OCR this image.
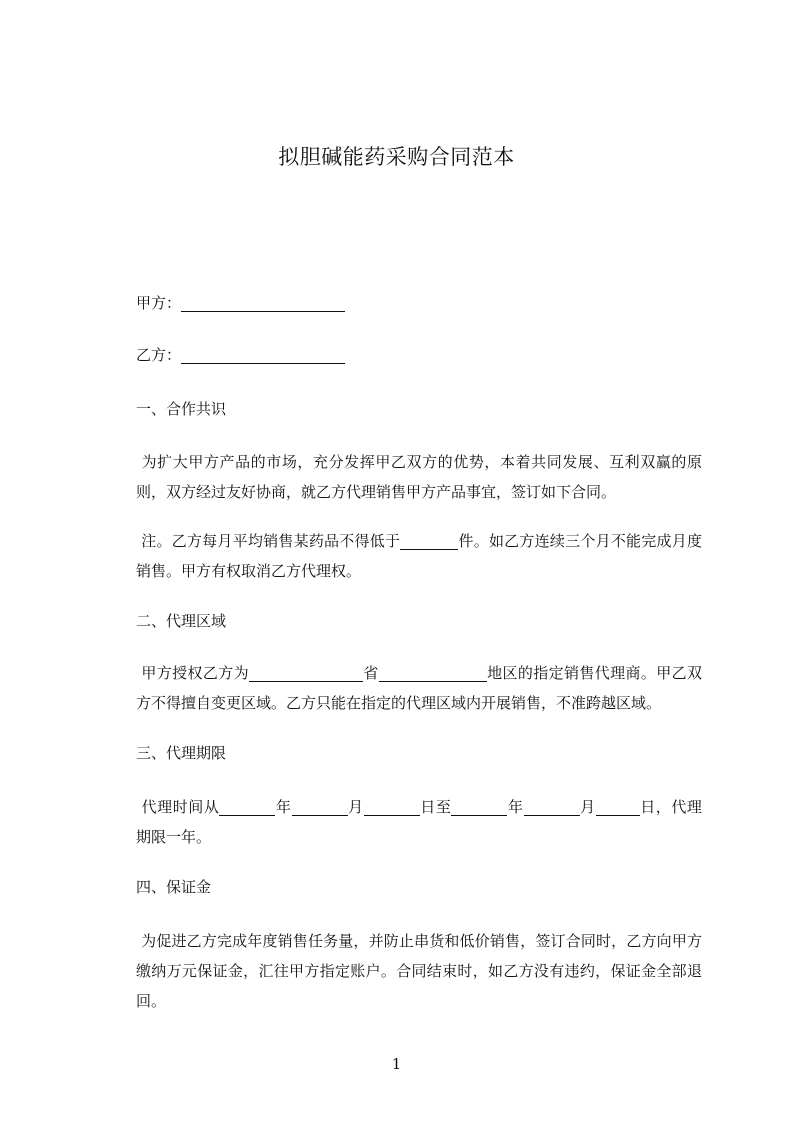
拟胆碱能药采购合同范本
甲方：
乙方：
一、合作共识
为扩大甲方产品的市场，充分发挥甲乙双方的优势，本着共同发展、互利双赢的原则，双方经过友好协商，就乙方代理销售甲方产品事宜，签订如下合同。
注。乙方每月平均销售某药品不得低于	件。如乙方连续三个月不能完成月度销售。甲方有权取消乙方代理权。
二、代理区域
甲方授权乙方为	省	地区的指定销售代理商。甲乙双方不得擅自变更区域。乙方只能在指定的代理区域内开展销售，不准跨越区域。
三、代理期限
代理时间从	年	月	日至	年	月	日，代理期限一年。
四、保证金
为促进乙方完成年度销售任务量，并防止串货和低价销售，签订合同时，乙方向甲方缴纳万元保证金，汇往甲方指定账户。合同结束时，如乙方没有违约，保证金全部退回。
1
